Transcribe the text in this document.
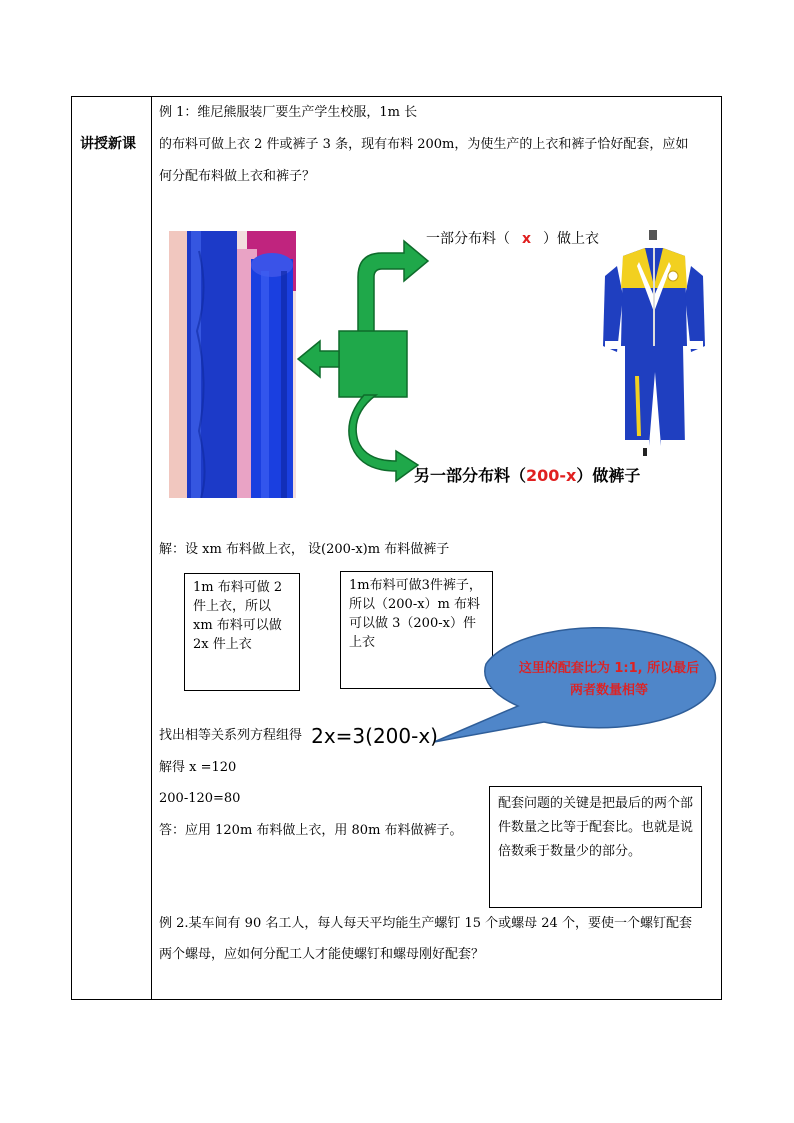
讲授新课
例 1：维尼熊服装厂要生产学生校服，1m 长
的布料可做上衣 2 件或裤子 3 条，现有布料 200m，为使生产的上衣和裤子恰好配套，应如
何分配布料做上衣和裤子？
一部分布料（ x ）做上衣
另一部分布料（200-x）做裤子
解：设 xm 布料做上衣， 设(200-x)m 布料做裤子
1m 布料可做 2 件上衣，所以 xm 布料可以做 2x 件上衣
1m布料可做3件裤子，所以（200-x）m 布料可以做 3（200-x）件上衣
这里的配套比为 1:1, 所以最后两者数量相等
找出相等关系列方程组得 2x=3(200-x)
解得 x =120
200-120=80
答：应用 120m 布料做上衣，用 80m 布料做裤子。
配套问题的关键是把最后的两个部件数量之比等于配套比。也就是说倍数乘于数量少的部分。
例 2.某车间有 90 名工人，每人每天平均能生产螺钉 15 个或螺母 24 个，要使一个螺钉配套
两个螺母，应如何分配工人才能使螺钉和螺母刚好配套？
